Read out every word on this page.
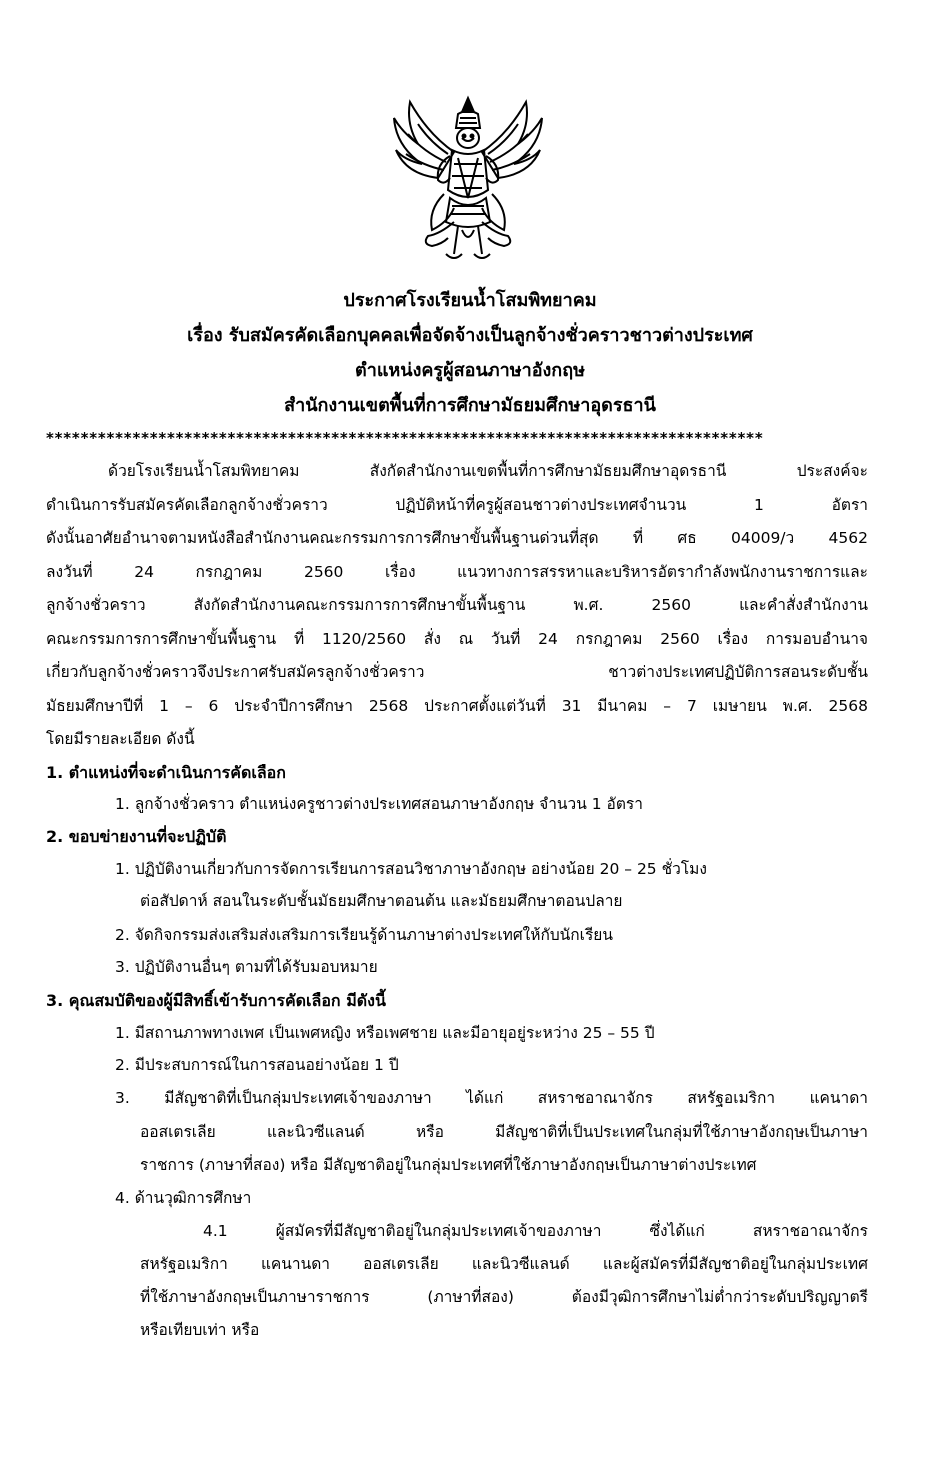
ประกาศโรงเรียนน้ำโสมพิทยาคม
เรื่อง รับสมัครคัดเลือกบุคคลเพื่อจัดจ้างเป็นลูกจ้างชั่วคราวชาวต่างประเทศ
ตำแหน่งครูผู้สอนภาษาอังกฤษ
สำนักงานเขตพื้นที่การศึกษามัธยมศึกษาอุดรธานี
***********************************************************************************
ด้วยโรงเรียนน้ำโสมพิทยาคม สังกัดสำนักงานเขตพื้นที่การศึกษามัธยมศึกษาอุดรธานี ประสงค์จะ
ดำเนินการรับสมัครคัดเลือกลูกจ้างชั่วคราว ปฏิบัติหน้าที่ครูผู้สอนชาวต่างประเทศจำนวน 1 อัตรา
ดังนั้นอาศัยอำนาจตามหนังสือสำนักงานคณะกรรมการการศึกษาขั้นพื้นฐานด่วนที่สุด ที่ ศธ 04009/ว 4562
ลงวันที่ 24 กรกฎาคม 2560 เรื่อง แนวทางการสรรหาและบริหารอัตรากำลังพนักงานราชการและ
ลูกจ้างชั่วคราว สังกัดสำนักงานคณะกรรมการการศึกษาขั้นพื้นฐาน พ.ศ. 2560 และคำสั่งสำนักงาน
คณะกรรมการการศึกษาขั้นพื้นฐาน ที่ 1120/2560 สั่ง ณ วันที่ 24 กรกฎาคม 2560 เรื่อง การมอบอำนาจ
เกี่ยวกับลูกจ้างชั่วคราวจึงประกาศรับสมัครลูกจ้างชั่วคราว ชาวต่างประเทศปฏิบัติการสอนระดับชั้น
มัธยมศึกษาปีที่ 1 – 6 ประจำปีการศึกษา 2568 ประกาศตั้งแต่วันที่ 31 มีนาคม – 7 เมษายน พ.ศ. 2568
โดยมีรายละเอียด ดังนี้
1. ตำแหน่งที่จะดำเนินการคัดเลือก
1. ลูกจ้างชั่วคราว ตำแหน่งครูชาวต่างประเทศสอนภาษาอังกฤษ จำนวน 1 อัตรา
2. ขอบข่ายงานที่จะปฏิบัติ
1. ปฏิบัติงานเกี่ยวกับการจัดการเรียนการสอนวิชาภาษาอังกฤษ อย่างน้อย 20 – 25 ชั่วโมง
ต่อสัปดาห์ สอนในระดับชั้นมัธยมศึกษาตอนต้น และมัธยมศึกษาตอนปลาย
2. จัดกิจกรรมส่งเสริมส่งเสริมการเรียนรู้ด้านภาษาต่างประเทศให้กับนักเรียน
3. ปฏิบัติงานอื่นๆ ตามที่ได้รับมอบหมาย
3. คุณสมบัติของผู้มีสิทธิ์เข้ารับการคัดเลือก มีดังนี้
1. มีสถานภาพทางเพศ เป็นเพศหญิง หรือเพศชาย และมีอายุอยู่ระหว่าง 25 – 55 ปี
2. มีประสบการณ์ในการสอนอย่างน้อย 1 ปี
3. มีสัญชาติที่เป็นกลุ่มประเทศเจ้าของภาษา ได้แก่ สหราชอาณาจักร สหรัฐอเมริกา แคนาดา
ออสเตรเลีย และนิวซีแลนด์ หรือ มีสัญชาติที่เป็นประเทศในกลุ่มที่ใช้ภาษาอังกฤษเป็นภาษา
ราชการ (ภาษาที่สอง) หรือ มีสัญชาติอยู่ในกลุ่มประเทศที่ใช้ภาษาอังกฤษเป็นภาษาต่างประเทศ
4. ด้านวุฒิการศึกษา
4.1 ผู้สมัครที่มีสัญชาติอยู่ในกลุ่มประเทศเจ้าของภาษา ซึ่งได้แก่ สหราชอาณาจักร
สหรัฐอเมริกา แคนานดา ออสเตรเลีย และนิวซีแลนด์ และผู้สมัครที่มีสัญชาติอยู่ในกลุ่มประเทศ
ที่ใช้ภาษาอังกฤษเป็นภาษาราชการ (ภาษาที่สอง) ต้องมีวุฒิการศึกษาไม่ต่ำกว่าระดับปริญญาตรี
หรือเทียบเท่า หรือ
